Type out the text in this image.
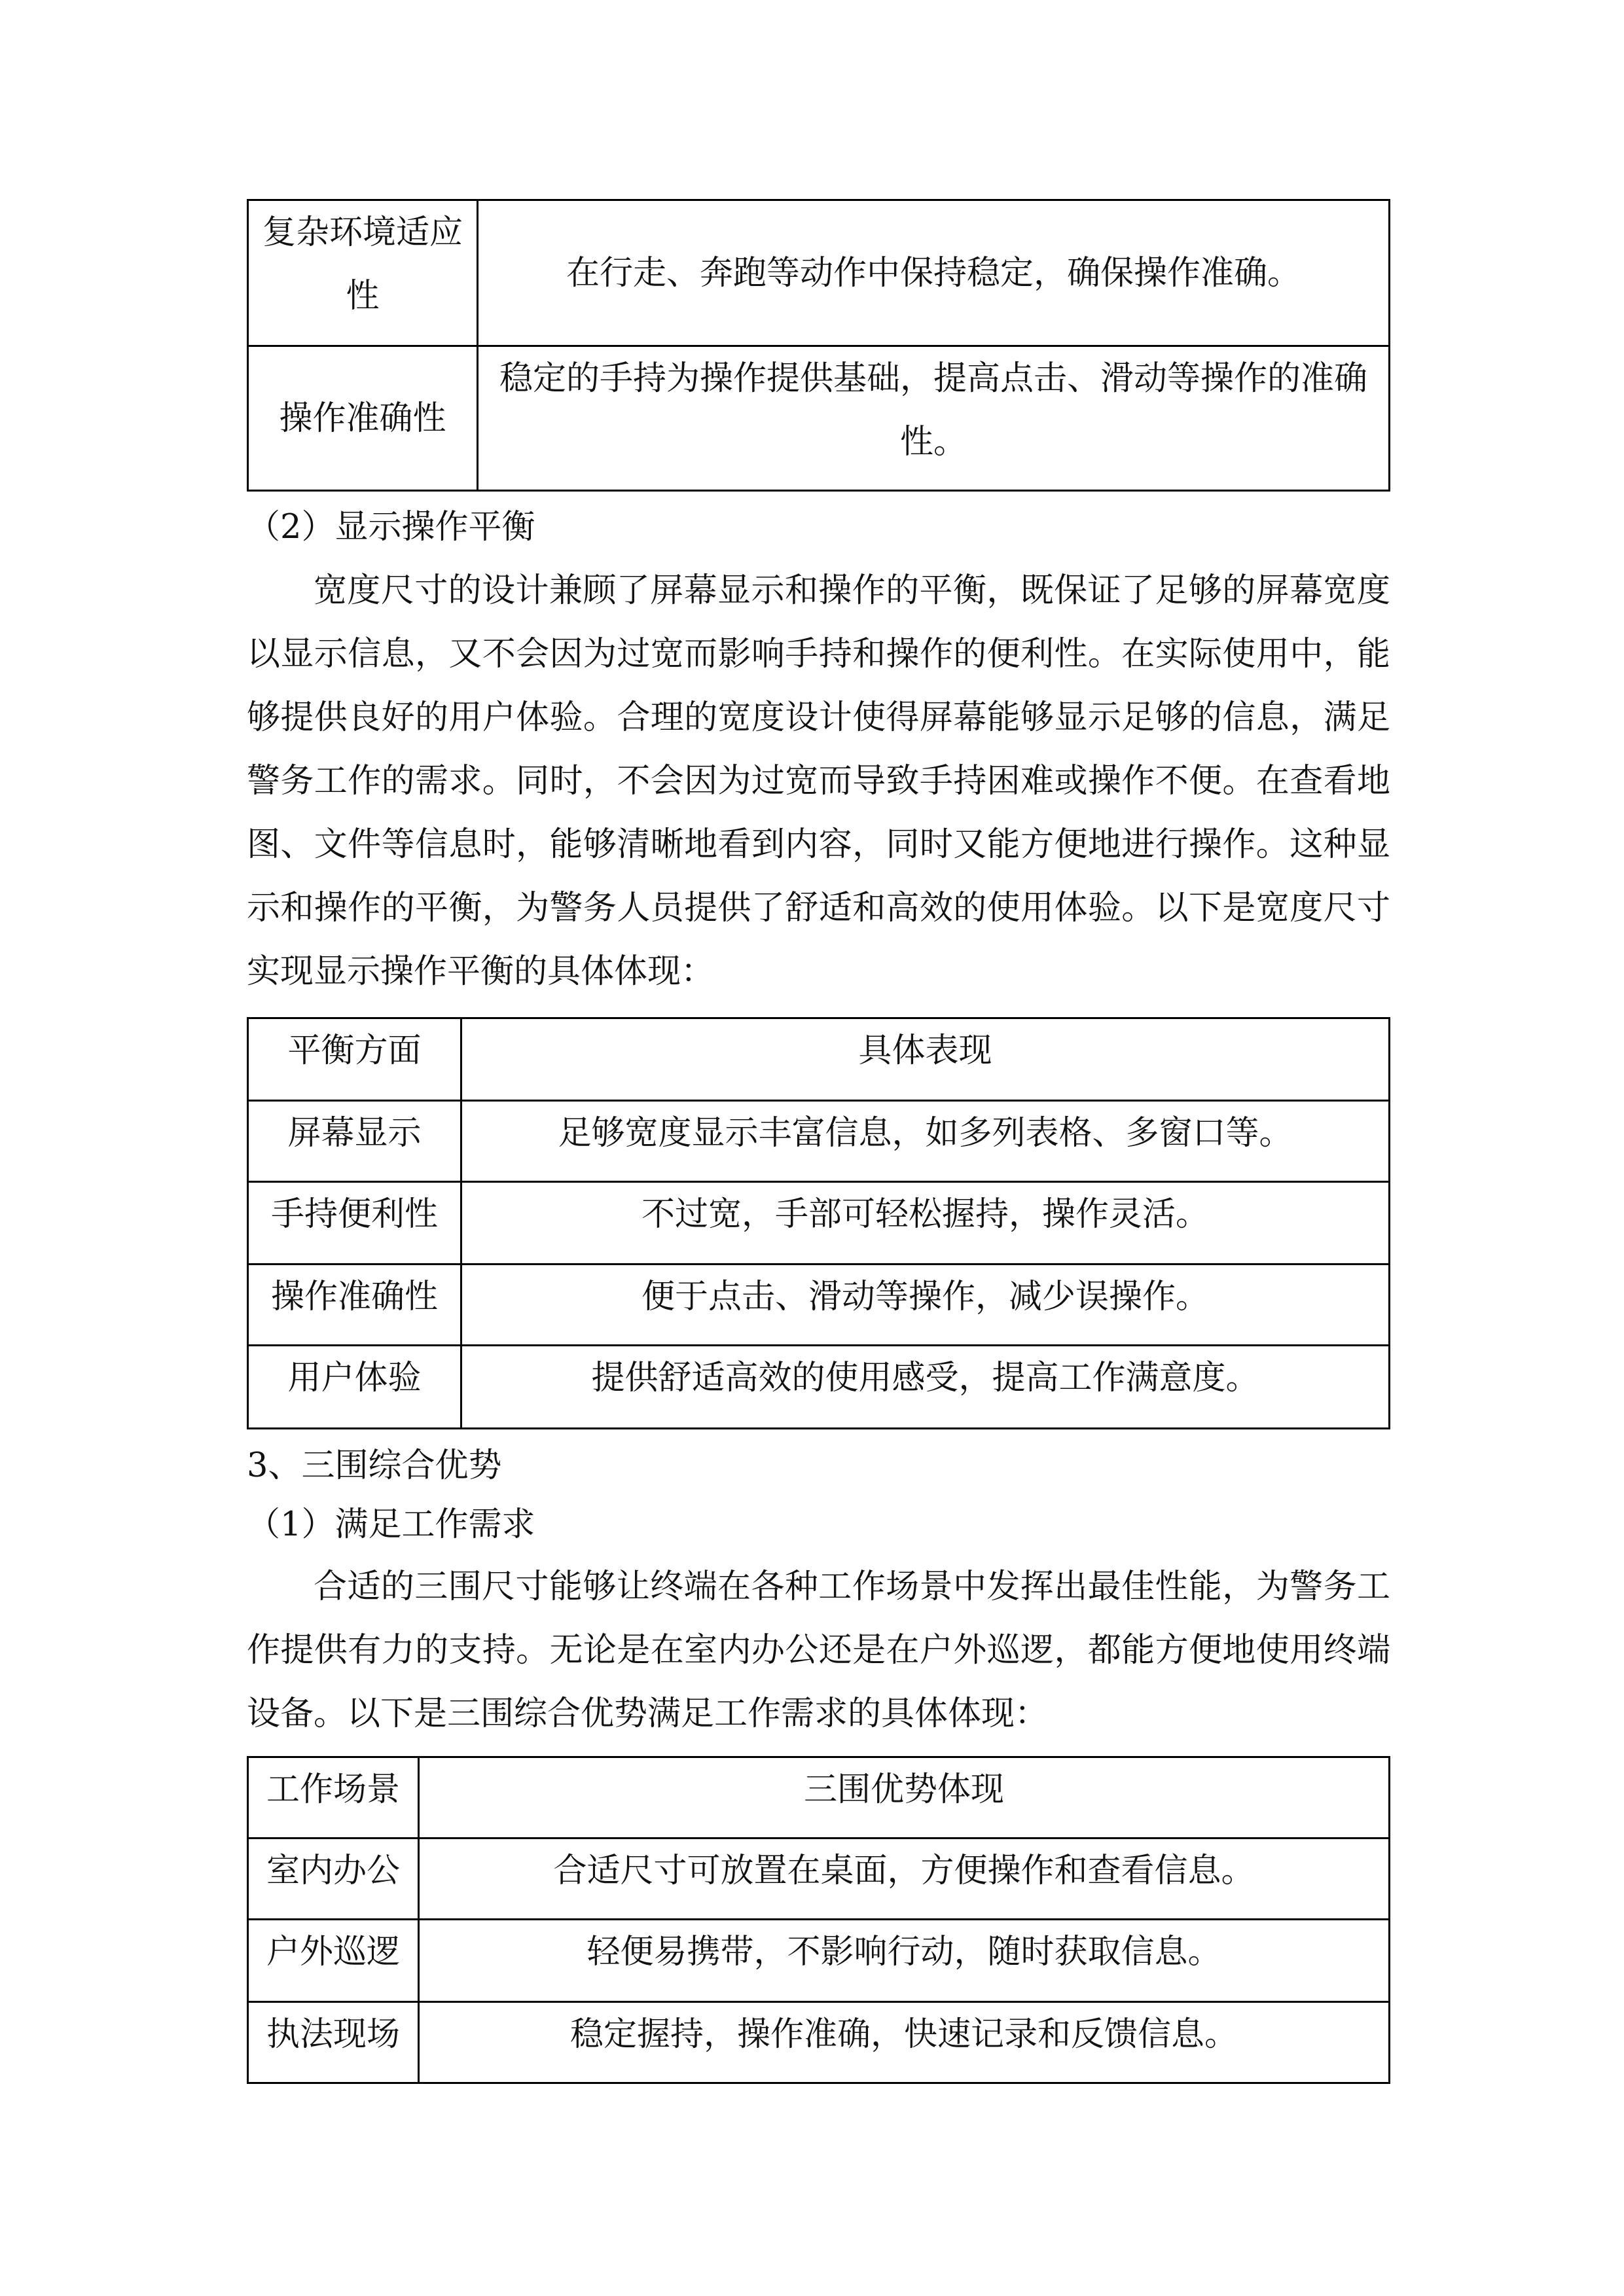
复杂环境适应性	在行走、奔跑等动作中保持稳定，确保操作准确。
操作准确性	稳定的手持为操作提供基础，提高点击、滑动等操作的准确性。
（2）显示操作平衡
宽度尺寸的设计兼顾了屏幕显示和操作的平衡，既保证了足够的屏幕宽度
以显示信息，又不会因为过宽而影响手持和操作的便利性。在实际使用中，能
够提供良好的用户体验。合理的宽度设计使得屏幕能够显示足够的信息，满足
警务工作的需求。同时，不会因为过宽而导致手持困难或操作不便。在查看地
图、文件等信息时，能够清晰地看到内容，同时又能方便地进行操作。这种显
示和操作的平衡，为警务人员提供了舒适和高效的使用体验。以下是宽度尺寸
实现显示操作平衡的具体体现：
平衡方面	具体表现
屏幕显示	足够宽度显示丰富信息，如多列表格、多窗口等。
手持便利性	不过宽，手部可轻松握持，操作灵活。
操作准确性	便于点击、滑动等操作，减少误操作。
用户体验	提供舒适高效的使用感受，提高工作满意度。
3、三围综合优势
（1）满足工作需求
合适的三围尺寸能够让终端在各种工作场景中发挥出最佳性能，为警务工
作提供有力的支持。无论是在室内办公还是在户外巡逻，都能方便地使用终端
设备。以下是三围综合优势满足工作需求的具体体现：
工作场景	三围优势体现
室内办公	合适尺寸可放置在桌面，方便操作和查看信息。
户外巡逻	轻便易携带，不影响行动，随时获取信息。
执法现场	稳定握持，操作准确，快速记录和反馈信息。
